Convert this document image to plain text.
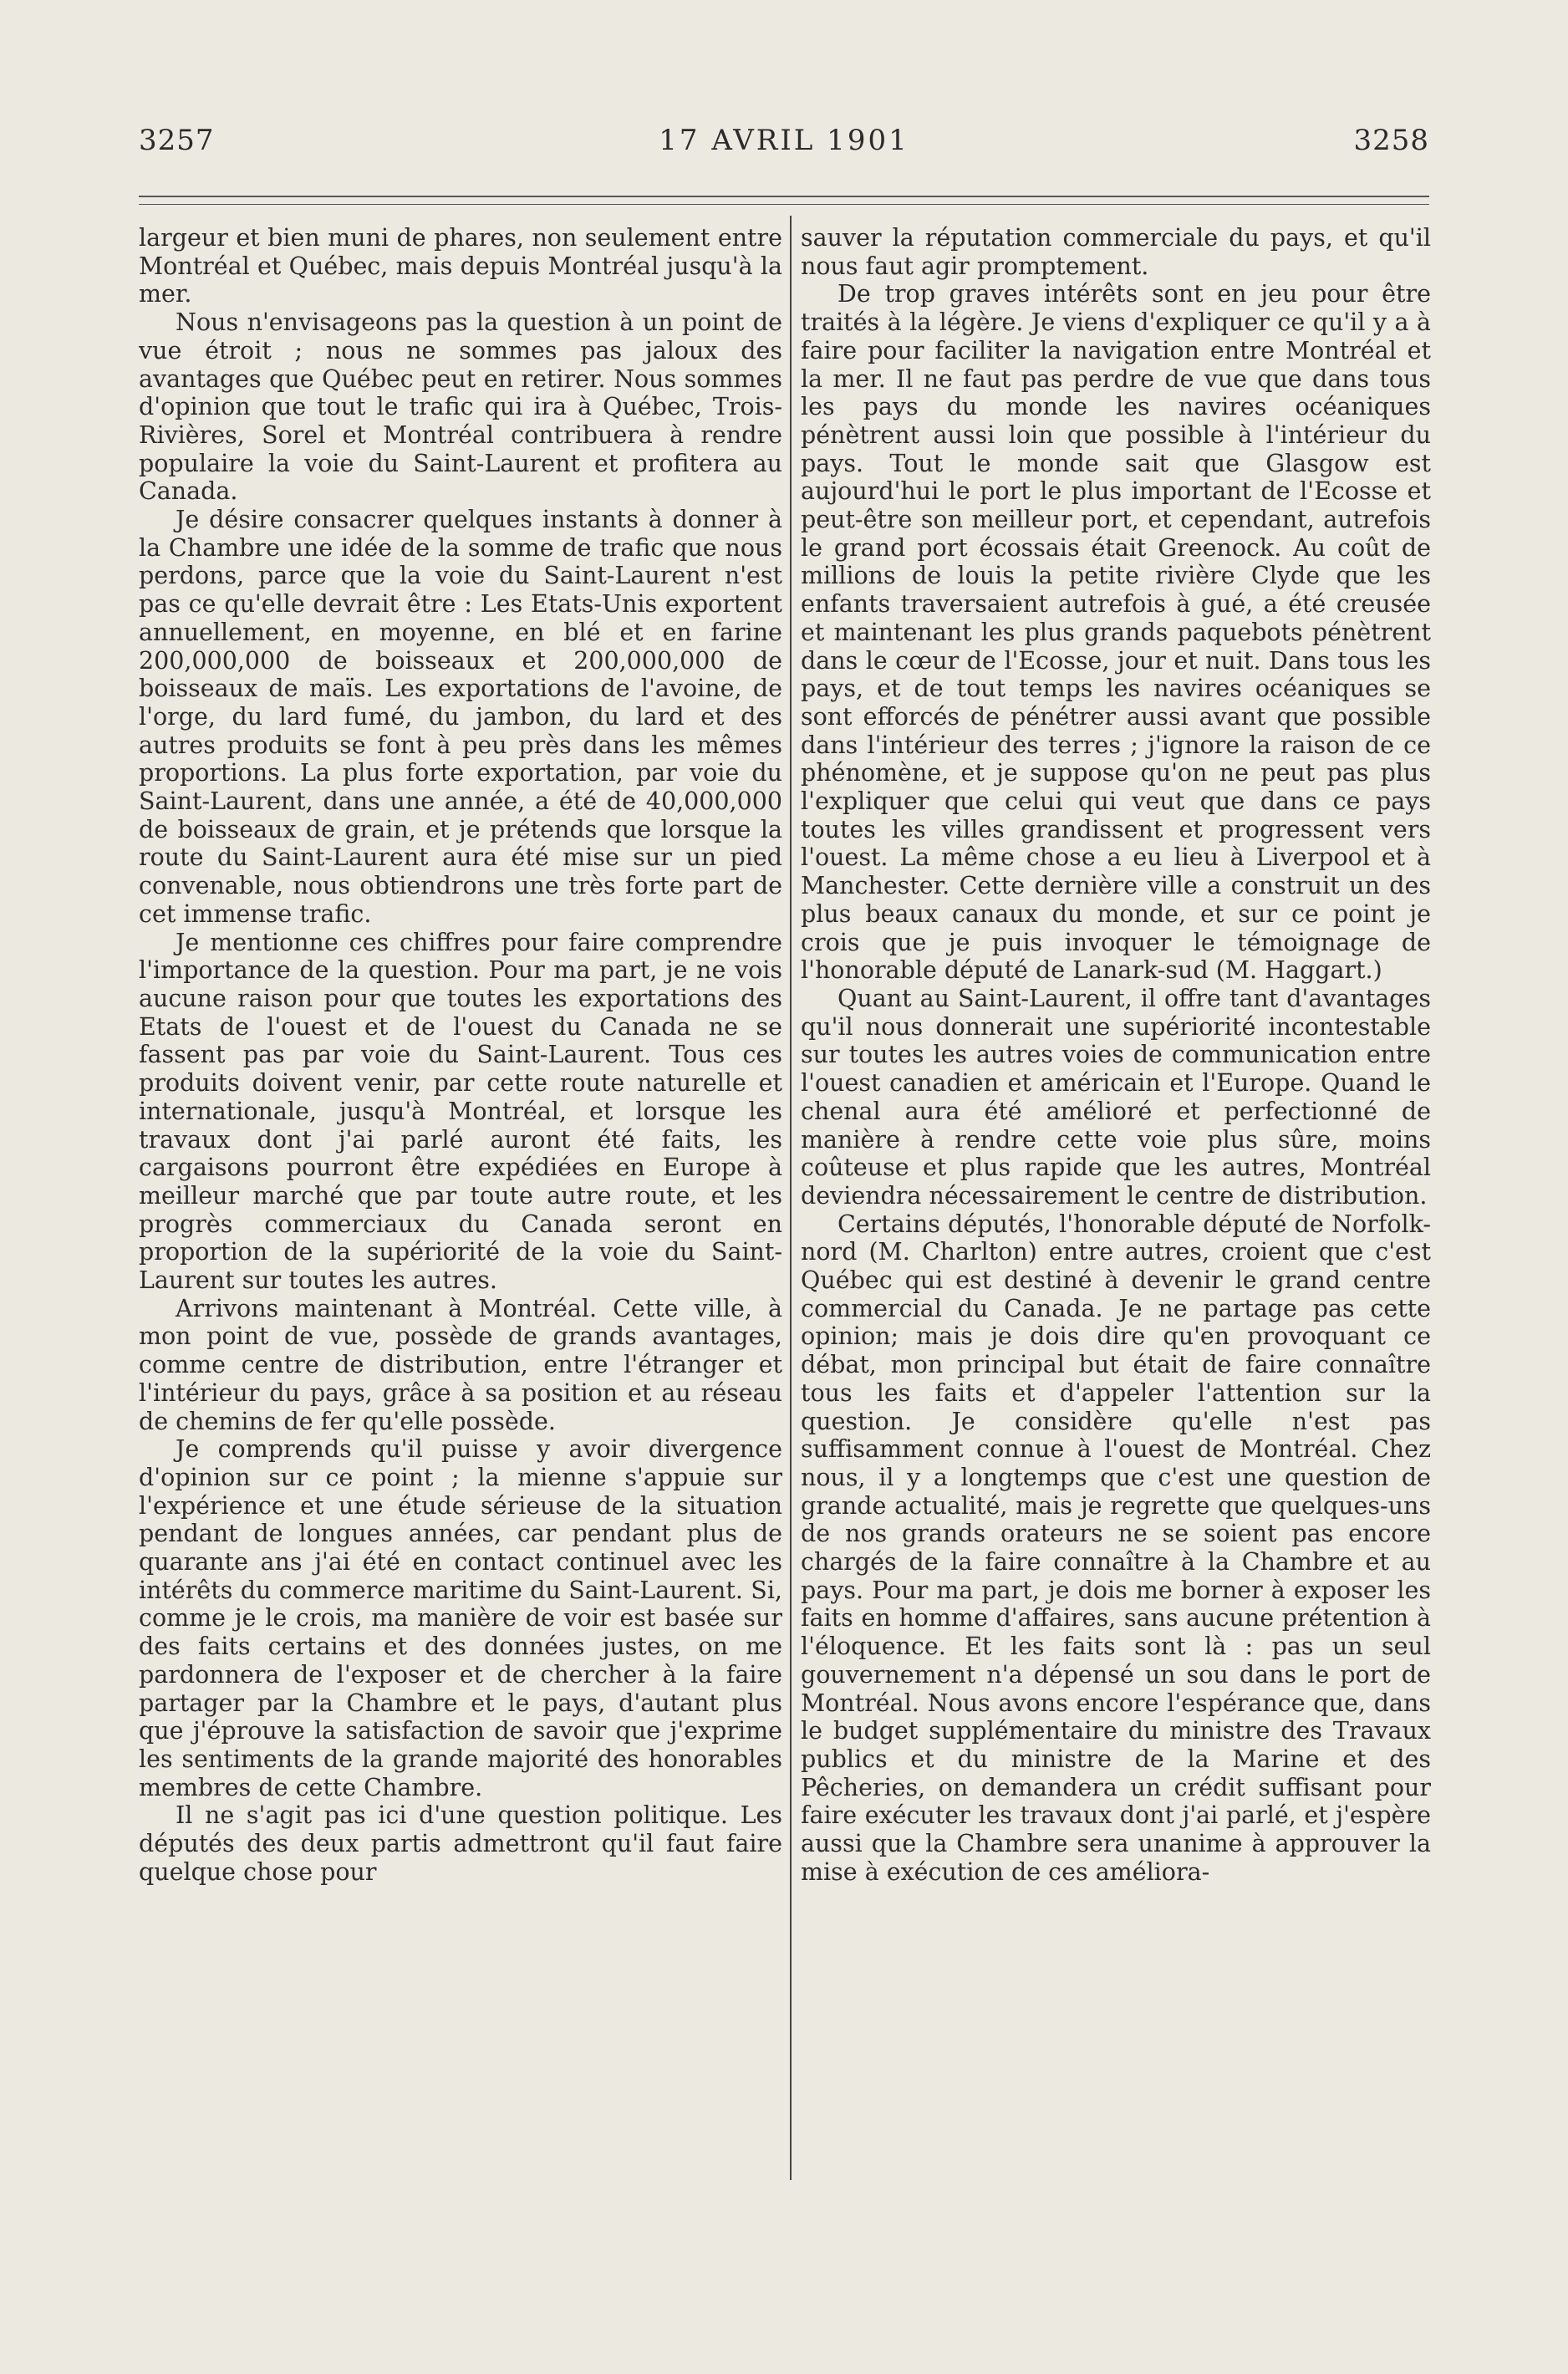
3257	17 AVRIL 1901	3258

largeur et bien muni de phares, non seulement entre Montréal et Québec, mais depuis Montréal jusqu'à la mer.

Nous n'envisageons pas la question à un point de vue étroit ; nous ne sommes pas jaloux des avantages que Québec peut en retirer. Nous sommes d'opinion que tout le trafic qui ira à Québec, Trois-Rivières, Sorel et Montréal contribuera à rendre populaire la voie du Saint-Laurent et profitera au Canada.

Je désire consacrer quelques instants à donner à la Chambre une idée de la somme de trafic que nous perdons, parce que la voie du Saint-Laurent n'est pas ce qu'elle devrait être : Les Etats-Unis exportent annuellement, en moyenne, en blé et en farine 200,000,000 de boisseaux et 200,000,000 de boisseaux de maïs. Les exportations de l'avoine, de l'orge, du lard fumé, du jambon, du lard et des autres produits se font à peu près dans les mêmes proportions. La plus forte exportation, par voie du Saint-Laurent, dans une année, a été de 40,000,000 de boisseaux de grain, et je prétends que lorsque la route du Saint-Laurent aura été mise sur un pied convenable, nous obtiendrons une très forte part de cet immense trafic.

Je mentionne ces chiffres pour faire comprendre l'importance de la question. Pour ma part, je ne vois aucune raison pour que toutes les exportations des Etats de l'ouest et de l'ouest du Canada ne se fassent pas par voie du Saint-Laurent. Tous ces produits doivent venir, par cette route naturelle et internationale, jusqu'à Montréal, et lorsque les travaux dont j'ai parlé auront été faits, les cargaisons pourront être expédiées en Europe à meilleur marché que par toute autre route, et les progrès commerciaux du Canada seront en proportion de la supériorité de la voie du Saint-Laurent sur toutes les autres.

Arrivons maintenant à Montréal. Cette ville, à mon point de vue, possède de grands avantages, comme centre de distribution, entre l'étranger et l'intérieur du pays, grâce à sa position et au réseau de chemins de fer qu'elle possède.

Je comprends qu'il puisse y avoir divergence d'opinion sur ce point ; la mienne s'appuie sur l'expérience et une étude sérieuse de la situation pendant de longues années, car pendant plus de quarante ans j'ai été en contact continuel avec les intérêts du commerce maritime du Saint-Laurent. Si, comme je le crois, ma manière de voir est basée sur des faits certains et des données justes, on me pardonnera de l'exposer et de chercher à la faire partager par la Chambre et le pays, d'autant plus que j'éprouve la satisfaction de savoir que j'exprime les sentiments de la grande majorité des honorables membres de cette Chambre.

Il ne s'agit pas ici d'une question politique. Les députés des deux partis admettront qu'il faut faire quelque chose pour

sauver la réputation commerciale du pays, et qu'il nous faut agir promptement.

De trop graves intérêts sont en jeu pour être traités à la légère. Je viens d'expliquer ce qu'il y a à faire pour faciliter la navigation entre Montréal et la mer. Il ne faut pas perdre de vue que dans tous les pays du monde les navires océaniques pénètrent aussi loin que possible à l'intérieur du pays. Tout le monde sait que Glasgow est aujourd'hui le port le plus important de l'Ecosse et peut-être son meilleur port, et cependant, autrefois le grand port écossais était Greenock. Au coût de millions de louis la petite rivière Clyde que les enfants traversaient autrefois à gué, a été creusée et maintenant les plus grands paquebots pénètrent dans le cœur de l'Ecosse, jour et nuit. Dans tous les pays, et de tout temps les navires océaniques se sont efforcés de pénétrer aussi avant que possible dans l'intérieur des terres ; j'ignore la raison de ce phénomène, et je suppose qu'on ne peut pas plus l'expliquer que celui qui veut que dans ce pays toutes les villes grandissent et progressent vers l'ouest. La même chose a eu lieu à Liverpool et à Manchester. Cette dernière ville a construit un des plus beaux canaux du monde, et sur ce point je crois que je puis invoquer le témoignage de l'honorable député de Lanark-sud (M. Haggart.)

Quant au Saint-Laurent, il offre tant d'avantages qu'il nous donnerait une supériorité incontestable sur toutes les autres voies de communication entre l'ouest canadien et américain et l'Europe. Quand le chenal aura été amélioré et perfectionné de manière à rendre cette voie plus sûre, moins coûteuse et plus rapide que les autres, Montréal deviendra nécessairement le centre de distribution.

Certains députés, l'honorable député de Norfolk-nord (M. Charlton) entre autres, croient que c'est Québec qui est destiné à devenir le grand centre commercial du Canada. Je ne partage pas cette opinion; mais je dois dire qu'en provoquant ce débat, mon principal but était de faire connaître tous les faits et d'appeler l'attention sur la question. Je considère qu'elle n'est pas suffisamment connue à l'ouest de Montréal. Chez nous, il y a longtemps que c'est une question de grande actualité, mais je regrette que quelques-uns de nos grands orateurs ne se soient pas encore chargés de la faire connaître à la Chambre et au pays. Pour ma part, je dois me borner à exposer les faits en homme d'affaires, sans aucune prétention à l'éloquence. Et les faits sont là : pas un seul gouvernement n'a dépensé un sou dans le port de Montréal. Nous avons encore l'espérance que, dans le budget supplémentaire du ministre des Travaux publics et du ministre de la Marine et des Pêcheries, on demandera un crédit suffisant pour faire exécuter les travaux dont j'ai parlé, et j'espère aussi que la Chambre sera unanime à approuver la mise à exécution de ces améliora-
